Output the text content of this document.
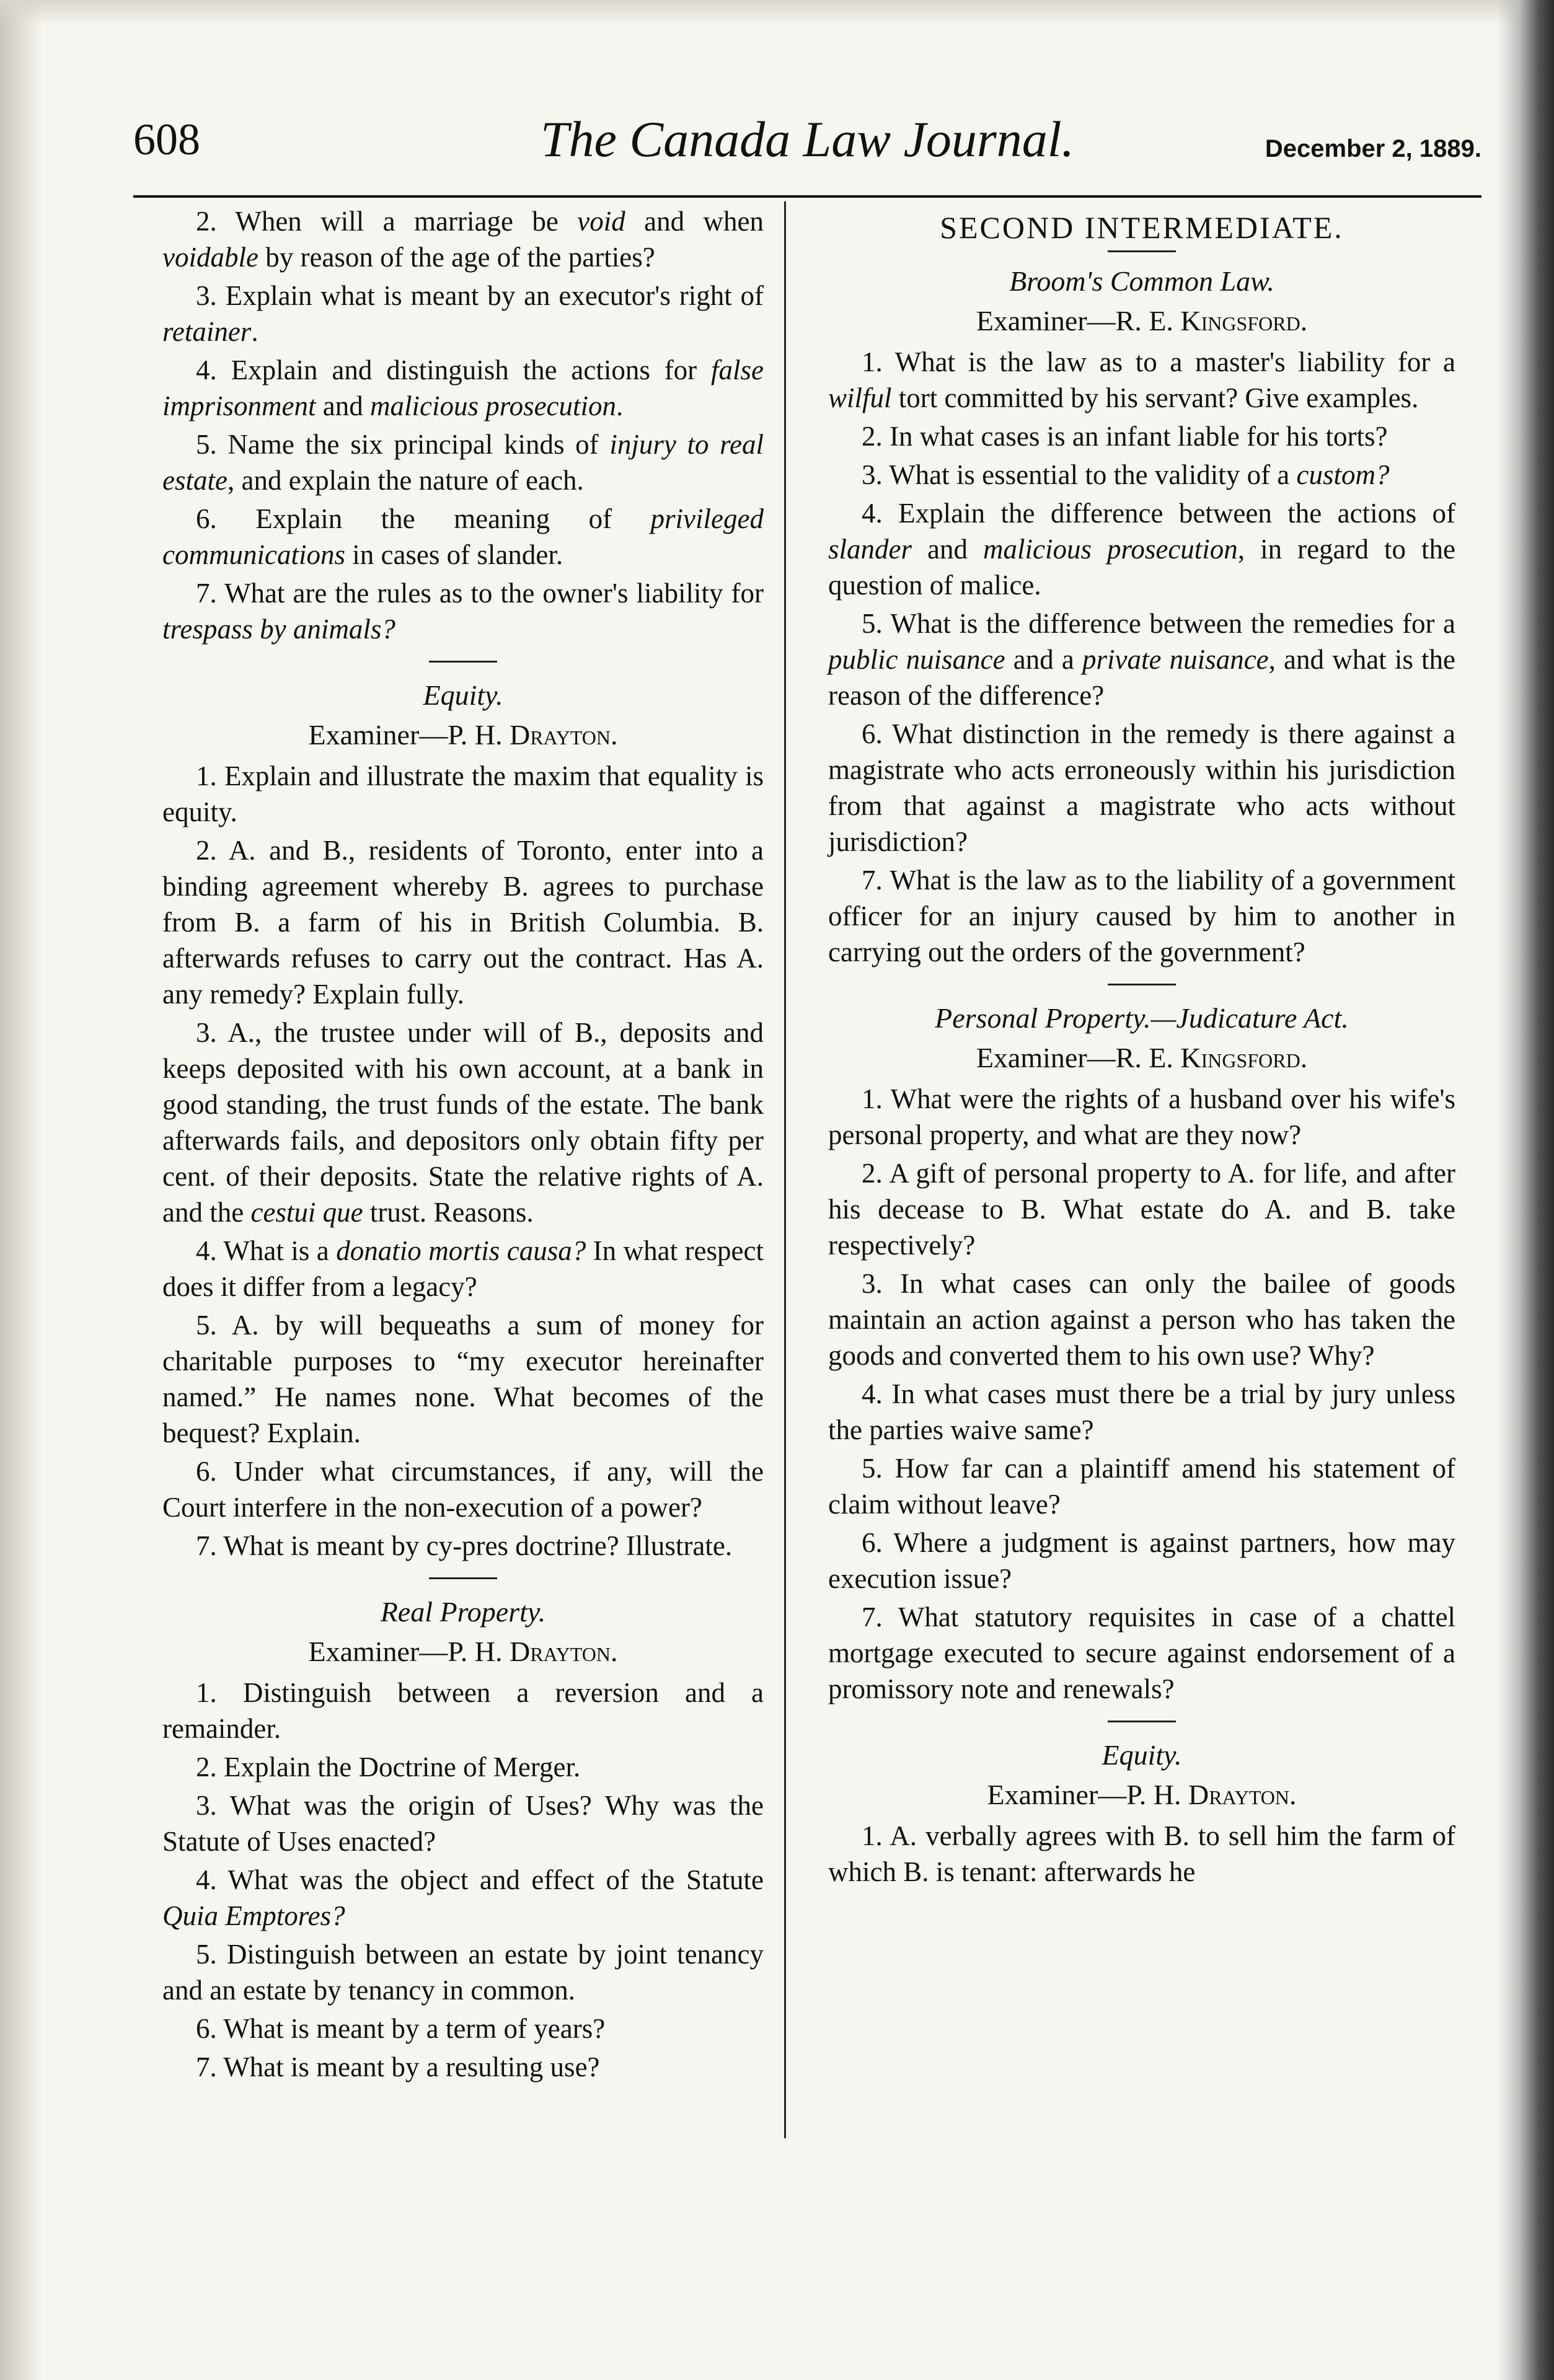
608	The Canada Law Journal.	December 2, 1889.

2. When will a marriage be void and when voidable by reason of the age of the parties?

3. Explain what is meant by an executor's right of retainer.

4. Explain and distinguish the actions for false imprisonment and malicious prosecution.

5. Name the six principal kinds of injury to real estate, and explain the nature of each.

6. Explain the meaning of privileged communications in cases of slander.

7. What are the rules as to the owner's liability for trespass by animals?

Equity.
Examiner—P. H. Drayton.

1. Explain and illustrate the maxim that equality is equity.

2. A. and B., residents of Toronto, enter into a binding agreement whereby B. agrees to purchase from B. a farm of his in British Columbia. B. afterwards refuses to carry out the contract. Has A. any remedy? Explain fully.

3. A., the trustee under will of B., deposits and keeps deposited with his own account, at a bank in good standing, the trust funds of the estate. The bank afterwards fails, and depositors only obtain fifty per cent. of their deposits. State the relative rights of A. and the cestui que trust. Reasons.

4. What is a donatio mortis causa? In what respect does it differ from a legacy?

5. A. by will bequeaths a sum of money for charitable purposes to “my executor hereinafter named.” He names none. What becomes of the bequest? Explain.

6. Under what circumstances, if any, will the Court interfere in the non-execution of a power?

7. What is meant by cy-pres doctrine? Illustrate.

Real Property.
Examiner—P. H. Drayton.

1. Distinguish between a reversion and a remainder.

2. Explain the Doctrine of Merger.

3. What was the origin of Uses? Why was the Statute of Uses enacted?

4. What was the object and effect of the Statute Quia Emptores?

5. Distinguish between an estate by joint tenancy and an estate by tenancy in common.

6. What is meant by a term of years?

7. What is meant by a resulting use?

SECOND INTERMEDIATE.
Broom's Common Law.
Examiner—R. E. Kingsford.

1. What is the law as to a master's liability for a wilful tort committed by his servant? Give examples.

2. In what cases is an infant liable for his torts?

3. What is essential to the validity of a custom?

4. Explain the difference between the actions of slander and malicious prosecution, in regard to the question of malice.

5. What is the difference between the remedies for a public nuisance and a private nuisance, and what is the reason of the difference?

6. What distinction in the remedy is there against a magistrate who acts erroneously within his jurisdiction from that against a magistrate who acts without jurisdiction?

7. What is the law as to the liability of a government officer for an injury caused by him to another in carrying out the orders of the government?

Personal Property.—Judicature Act.
Examiner—R. E. Kingsford.

1. What were the rights of a husband over his wife's personal property, and what are they now?

2. A gift of personal property to A. for life, and after his decease to B. What estate do A. and B. take respectively?

3. In what cases can only the bailee of goods maintain an action against a person who has taken the goods and converted them to his own use? Why?

4. In what cases must there be a trial by jury unless the parties waive same?

5. How far can a plaintiff amend his statement of claim without leave?

6. Where a judgment is against partners, how may execution issue?

7. What statutory requisites in case of a chattel mortgage executed to secure against endorsement of a promissory note and renewals?

Equity.
Examiner—P. H. Drayton.

1. A. verbally agrees with B. to sell him the farm of which B. is tenant: afterwards he
